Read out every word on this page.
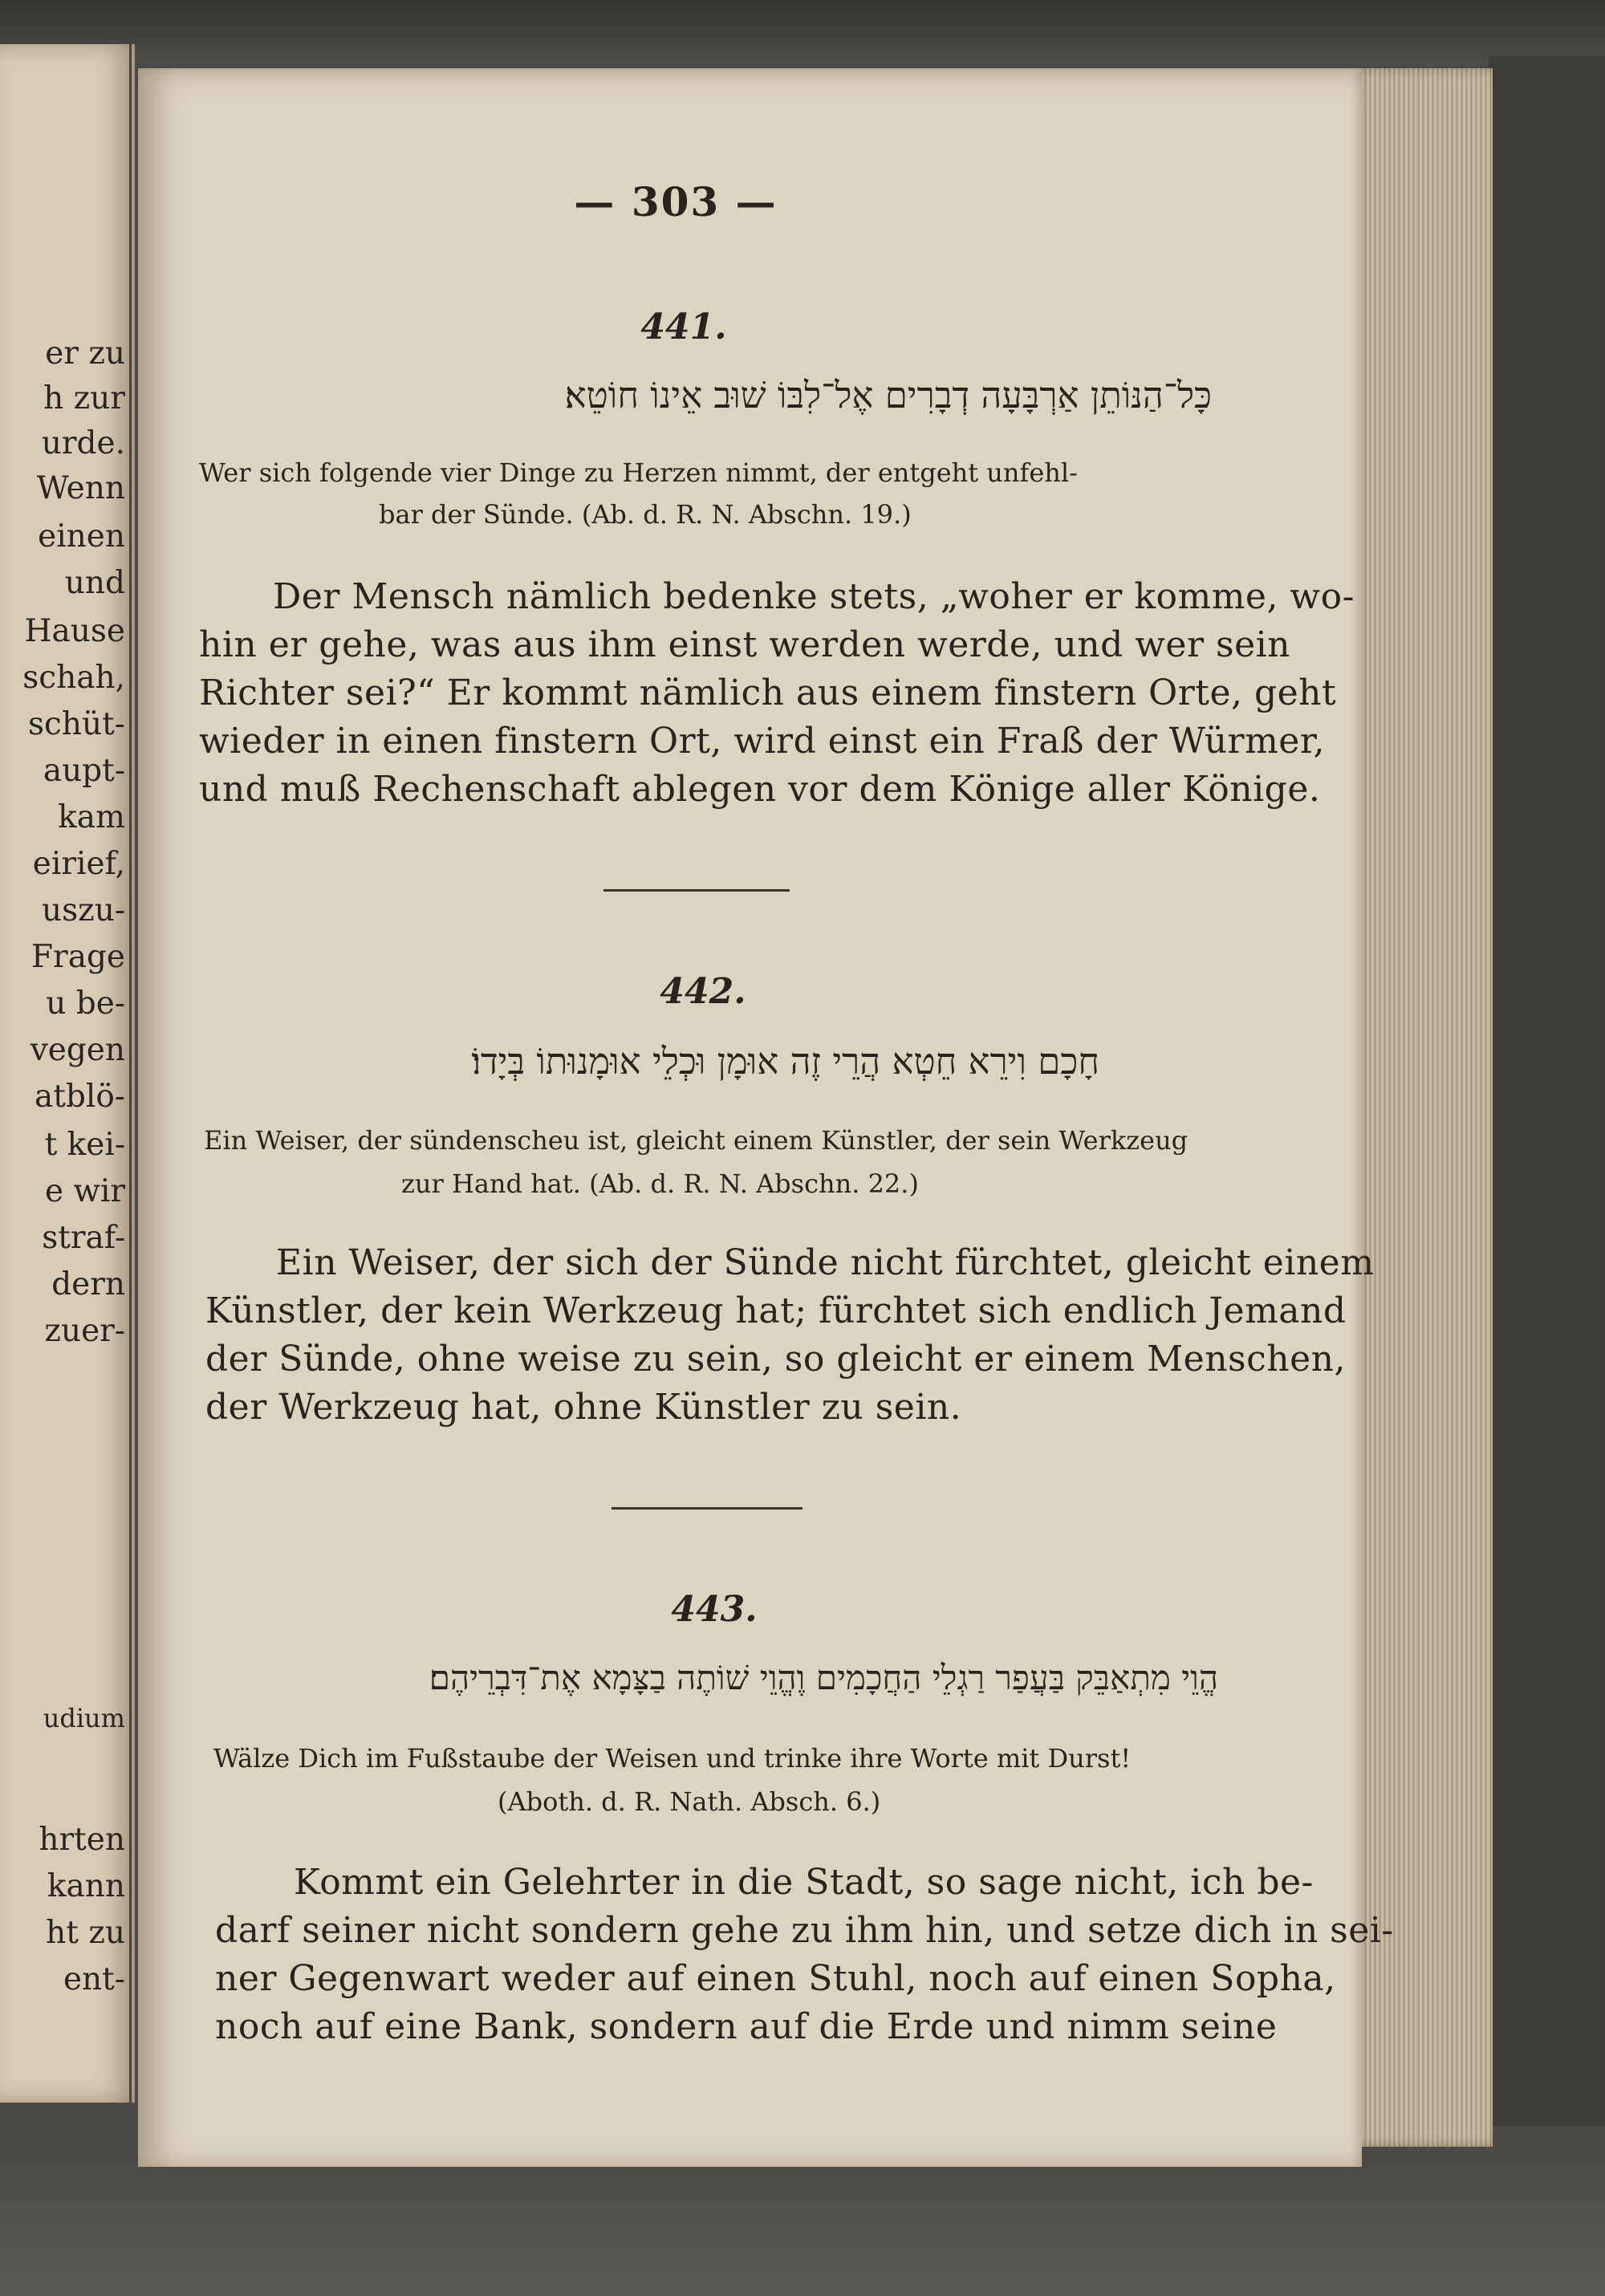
er zu
h zur
urde.
Wenn
einen
und
Hause
schah,
schüt-
aupt-
kam
eirief,
uszu-
Frage
u be-
vegen
atblö-
t kei-
e wir
straf-
dern
zuer-
udium
hrten
kann
ht zu
ent-
— 303 —
441.
כָּל־הַנּוֹתֵן אַרְבָּעָה דְבָרִים אֶל־לִבּוֹ שׁוּב אֵינוֹ חוֹטֵא׃
Wer sich folgende vier Dinge zu Herzen nimmt, der entgeht unfehl-
bar der Sünde. (Ab. d. R. N. Abschn. 19.)
Der Mensch nämlich bedenke stets, „woher er komme, wo-
hin er gehe, was aus ihm einst werden werde, und wer sein
Richter sei?“ Er kommt nämlich aus einem finstern Orte, geht
wieder in einen finstern Ort, wird einst ein Fraß der Würmer,
und muß Rechenschaft ablegen vor dem Könige aller Könige.
442.
חָכָם וִירֵא חֵטְא הֲרֵי זֶה אוּמָן וּכְלֵי אוּמָנוּתוֹ בְּיָדוֹ׃
Ein Weiser, der sündenscheu ist, gleicht einem Künstler, der sein Werkzeug
zur Hand hat. (Ab. d. R. N. Abschn. 22.)
Ein Weiser, der sich der Sünde nicht fürchtet, gleicht einem
Künstler, der kein Werkzeug hat; fürchtet sich endlich Jemand
der Sünde, ohne weise zu sein, so gleicht er einem Menschen,
der Werkzeug hat, ohne Künstler zu sein.
443.
הֱוֵי מִתְאַבֵּק בַּעֲפַר רַגְלֵי הַחֲכָמִים וֶהֱוֵי שׁוֹתֶה בַצָּמָא אֶת־דִּבְרֵיהֶם׃
Wälze Dich im Fußstaube der Weisen und trinke ihre Worte mit Durst!
(Aboth. d. R. Nath. Absch. 6.)
Kommt ein Gelehrter in die Stadt, so sage nicht, ich be-
darf seiner nicht sondern gehe zu ihm hin, und setze dich in sei-
ner Gegenwart weder auf einen Stuhl, noch auf einen Sopha,
noch auf eine Bank, sondern auf die Erde und nimm seine
